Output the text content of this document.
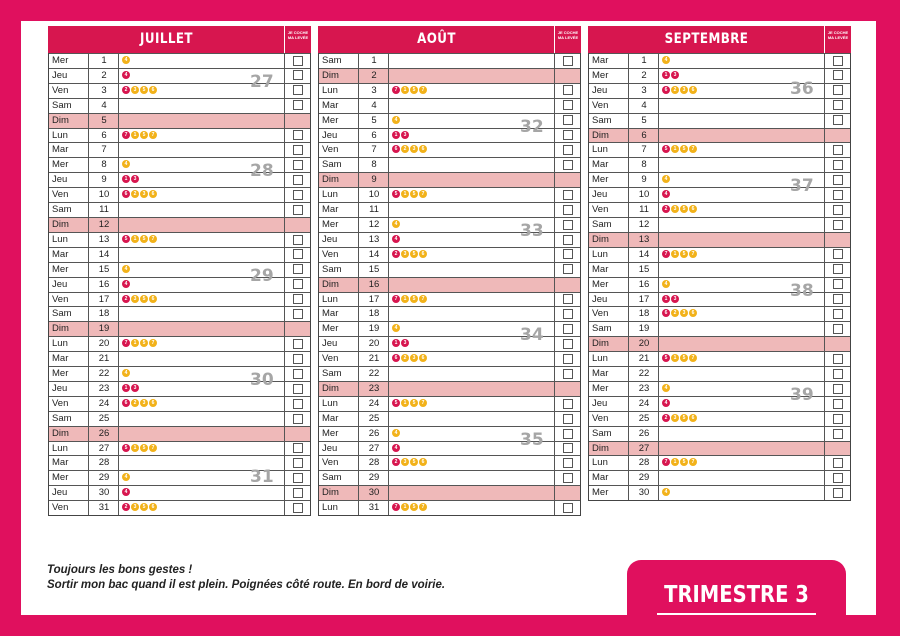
JUILLET	JE COCHE
MA LEVÉE
Mer	1	4
Jeu	2	4
Ven	3	2 3 5 6
Sam	4
Dim	5
Lun	6	7 1 5 7
Mar	7
Mer	8	4
Jeu	9	1 3
Ven	10	6 2 3 6
Sam	11
Dim	12
Lun	13	5 1 5 7
Mar	14
Mer	15	4
Jeu	16	4
Ven	17	2 3 5 6
Sam	18
Dim	19
Lun	20	7 1 5 7
Mar	21
Mer	22	4
Jeu	23	1 3
Ven	24	6 2 3 6
Sam	25
Dim	26
Lun	27	5 1 5 7
Mar	28
Mer	29	4
Jeu	30	4
Ven	31	2 3 5 6
27
28
29
30
31
AOÛT	JE COCHE
MA LEVÉE
Sam	1
Dim	2
Lun	3	7 1 5 7
Mar	4
Mer	5	4
Jeu	6	1 3
Ven	7	6 2 3 6
Sam	8
Dim	9
Lun	10	5 1 5 7
Mar	11
Mer	12	4
Jeu	13	4
Ven	14	2 3 5 6
Sam	15
Dim	16
Lun	17	7 1 5 7
Mar	18
Mer	19	4
Jeu	20	1 3
Ven	21	6 2 3 6
Sam	22
Dim	23
Lun	24	5 1 5 7
Mar	25
Mer	26	4
Jeu	27	4
Ven	28	2 3 5 6
Sam	29
Dim	30
Lun	31	7 1 5 7
32
33
34
35
SEPTEMBRE	JE COCHE
MA LEVÉE
Mar	1	4
Mer	2	1 3
Jeu	3	6 2 3 6
Ven	4
Sam	5
Dim	6
Lun	7	5 1 5 7
Mar	8
Mer	9	4
Jeu	10	4
Ven	11	2 3 5 6
Sam	12
Dim	13
Lun	14	7 1 5 7
Mar	15
Mer	16	4
Jeu	17	1 3
Ven	18	6 2 3 6
Sam	19
Dim	20
Lun	21	5 1 5 7
Mar	22
Mer	23	4
Jeu	24	4
Ven	25	2 3 5 6
Sam	26
Dim	27
Lun	28	7 1 5 7
Mar	29
Mer	30	4
36
37
38
39
Toujours les bons gestes !
Sortir mon bac quand il est plein. Poignées côté route. En bord de voirie.	TRIMESTRE 3
